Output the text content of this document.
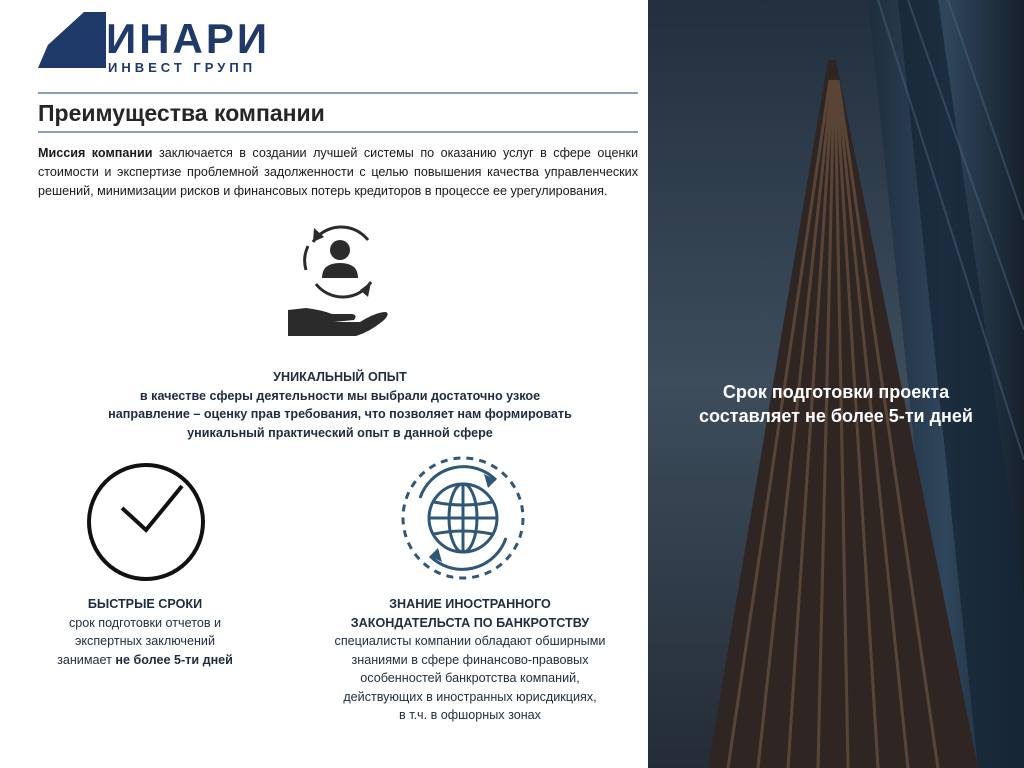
ИНАРИ
ИНВЕСТ ГРУПП
Преимущества компании

Миссия компании заключается в создании лучшей системы по оказанию услуг в сфере оценки стоимости и экспертизе проблемной задолженности с целью повышения качества управленческих решений, минимизации рисков и финансовых потерь кредиторов в процессе ее урегулирования.

УНИКАЛЬНЫЙ ОПЫТ
в качестве сферы деятельности мы выбрали достаточно узкое
направление – оценку прав требования, что позволяет нам формировать
уникальный практический опыт в данной сфере
БЫСТРЫЕ СРОКИ
срок подготовки отчетов и
экспертных заключений
занимает не более 5-ти дней
ЗНАНИЕ ИНОСТРАННОГО
ЗАКОНДАТЕЛЬСТА ПО БАНКРОТСТВУ
специалисты компании обладают обширными
знаниями в сфере финансово-правовых
особенностей банкротства компаний,
действующих в иностранных юрисдикциях,
в т.ч. в офшорных зонах
Срок подготовки проекта
составляет не более 5-ти дней
